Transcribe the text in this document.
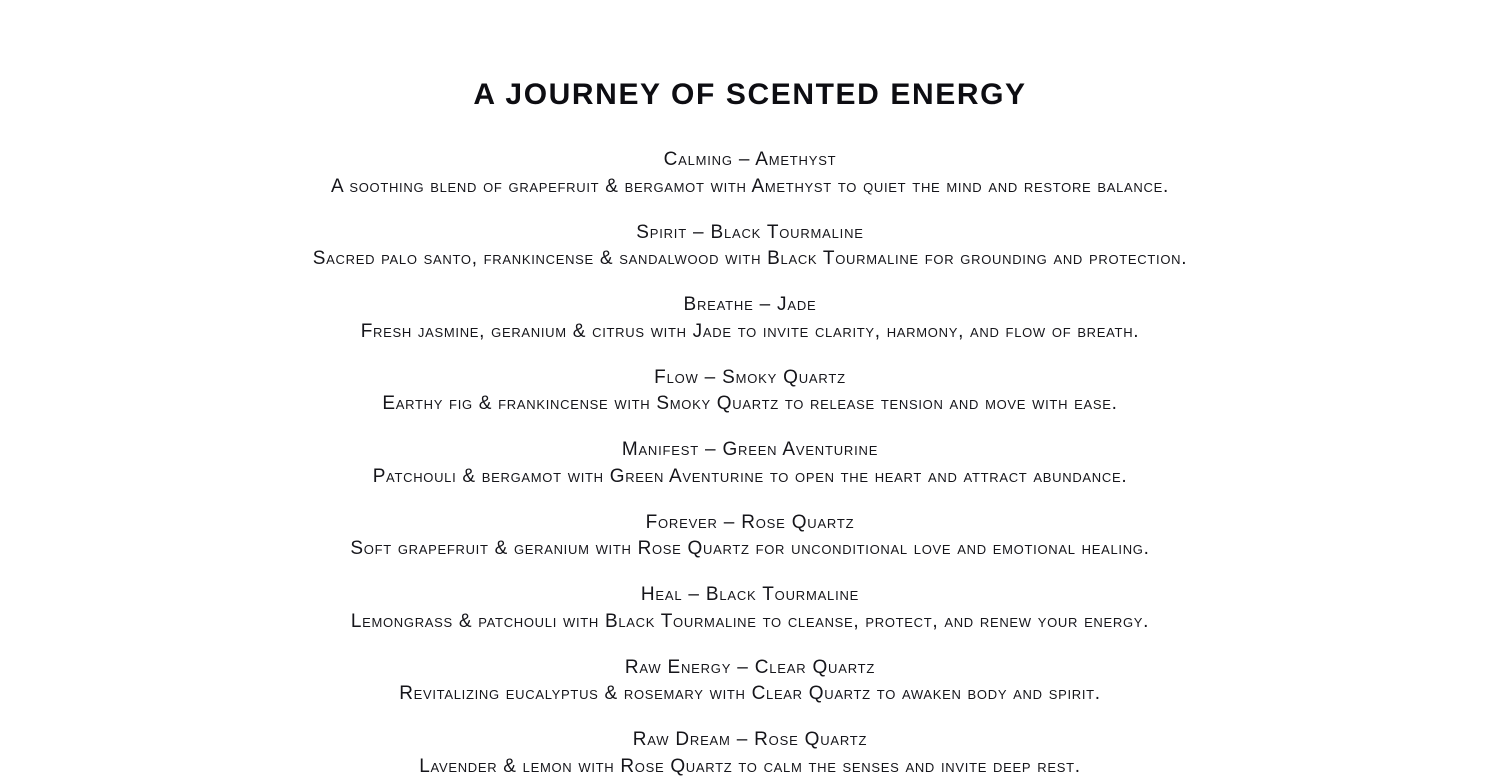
A JOURNEY OF SCENTED ENERGY
Calming – Amethyst
A soothing blend of grapefruit & bergamot with Amethyst to quiet the mind and restore balance.
Spirit – Black Tourmaline
Sacred palo santo, frankincense & sandalwood with Black Tourmaline for grounding and protection.
Breathe – Jade
Fresh jasmine, geranium & citrus with Jade to invite clarity, harmony, and flow of breath.
Flow – Smoky Quartz
Earthy fig & frankincense with Smoky Quartz to release tension and move with ease.
Manifest – Green Aventurine
Patchouli & bergamot with Green Aventurine to open the heart and attract abundance.
Forever – Rose Quartz
Soft grapefruit & geranium with Rose Quartz for unconditional love and emotional healing.
Heal – Black Tourmaline
Lemongrass & patchouli with Black Tourmaline to cleanse, protect, and renew your energy.
Raw Energy – Clear Quartz
Revitalizing eucalyptus & rosemary with Clear Quartz to awaken body and spirit.
Raw Dream – Rose Quartz
Lavender & lemon with Rose Quartz to calm the senses and invite deep rest.
